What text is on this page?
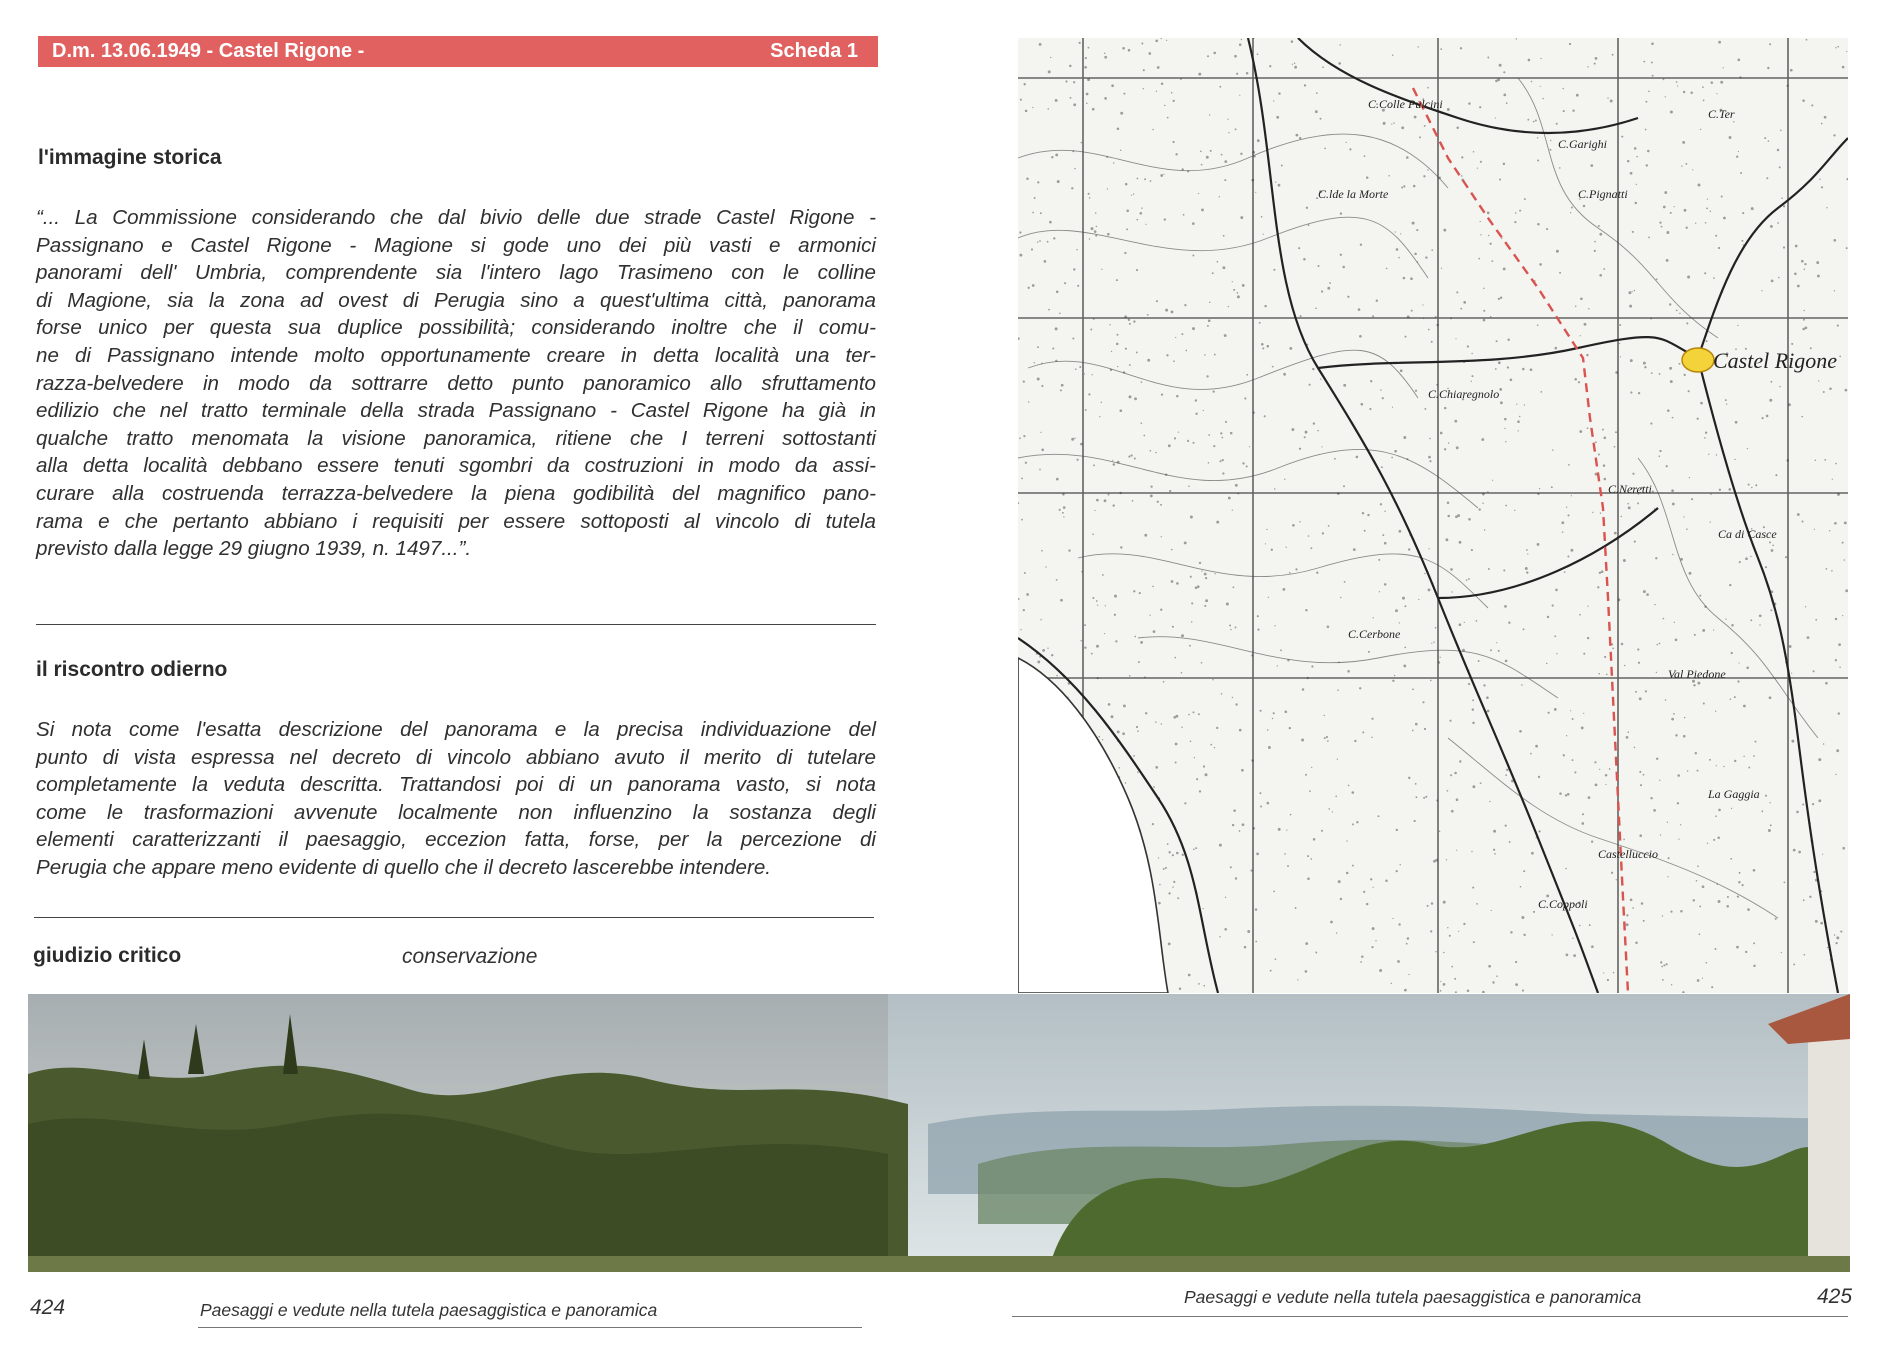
D.m. 13.06.1949 - Castel Rigone -	Scheda 1
l'immagine storica
“... La Commissione considerando che dal bivio delle due strade Castel Rigone -
Passignano e Castel Rigone - Magione si gode uno dei più vasti e armonici
panorami dell' Umbria, comprendente sia l'intero lago Trasimeno con le colline
di Magione, sia la zona ad ovest di Perugia sino a quest'ultima città, panorama
forse unico per questa sua duplice possibilità; considerando inoltre che il comu-
ne di Passignano intende molto opportunamente creare in detta località una ter-
razza-belvedere in modo da sottrarre detto punto panoramico allo sfruttamento
edilizio che nel tratto terminale della strada Passignano - Castel Rigone ha già in
qualche tratto menomata la visione panoramica, ritiene che I terreni sottostanti
alla detta località debbano essere tenuti sgombri da costruzioni in modo da assi-
curare alla costruenda terrazza-belvedere la piena godibilità del magnifico pano-
rama e che pertanto abbiano i requisiti per essere sottoposti al vincolo di tutela
previsto dalla legge 29 giugno 1939, n. 1497...”.
il riscontro odierno
Si nota come l'esatta descrizione del panorama e la precisa individuazione del
punto di vista espressa nel decreto di vincolo abbiano avuto il merito di tutelare
completamente la veduta descritta. Trattandosi poi di un panorama vasto, si nota
come le trasformazioni avvenute localmente non influenzino la sostanza degli
elementi caratterizzanti il paesaggio, eccezion fatta, forse, per la percezione di
Perugia che appare meno evidente di quello che il decreto lascerebbe intendere.
giudizio critico	conservazione
Castel Rigone
C.Colle Pulcini
C.Garighi
C.Ter
C.Pignatti
C.lde la Morte
C.Chiaregnolo
Castelluccio
C.Coppoli
C.Neretti
Val Piedone
La Gaggia
Ca di Casce
C.Cerbone
424	Paesaggi e vedute nella tutela paesaggistica e panoramica
Paesaggi e vedute nella tutela paesaggistica e panoramica	425
